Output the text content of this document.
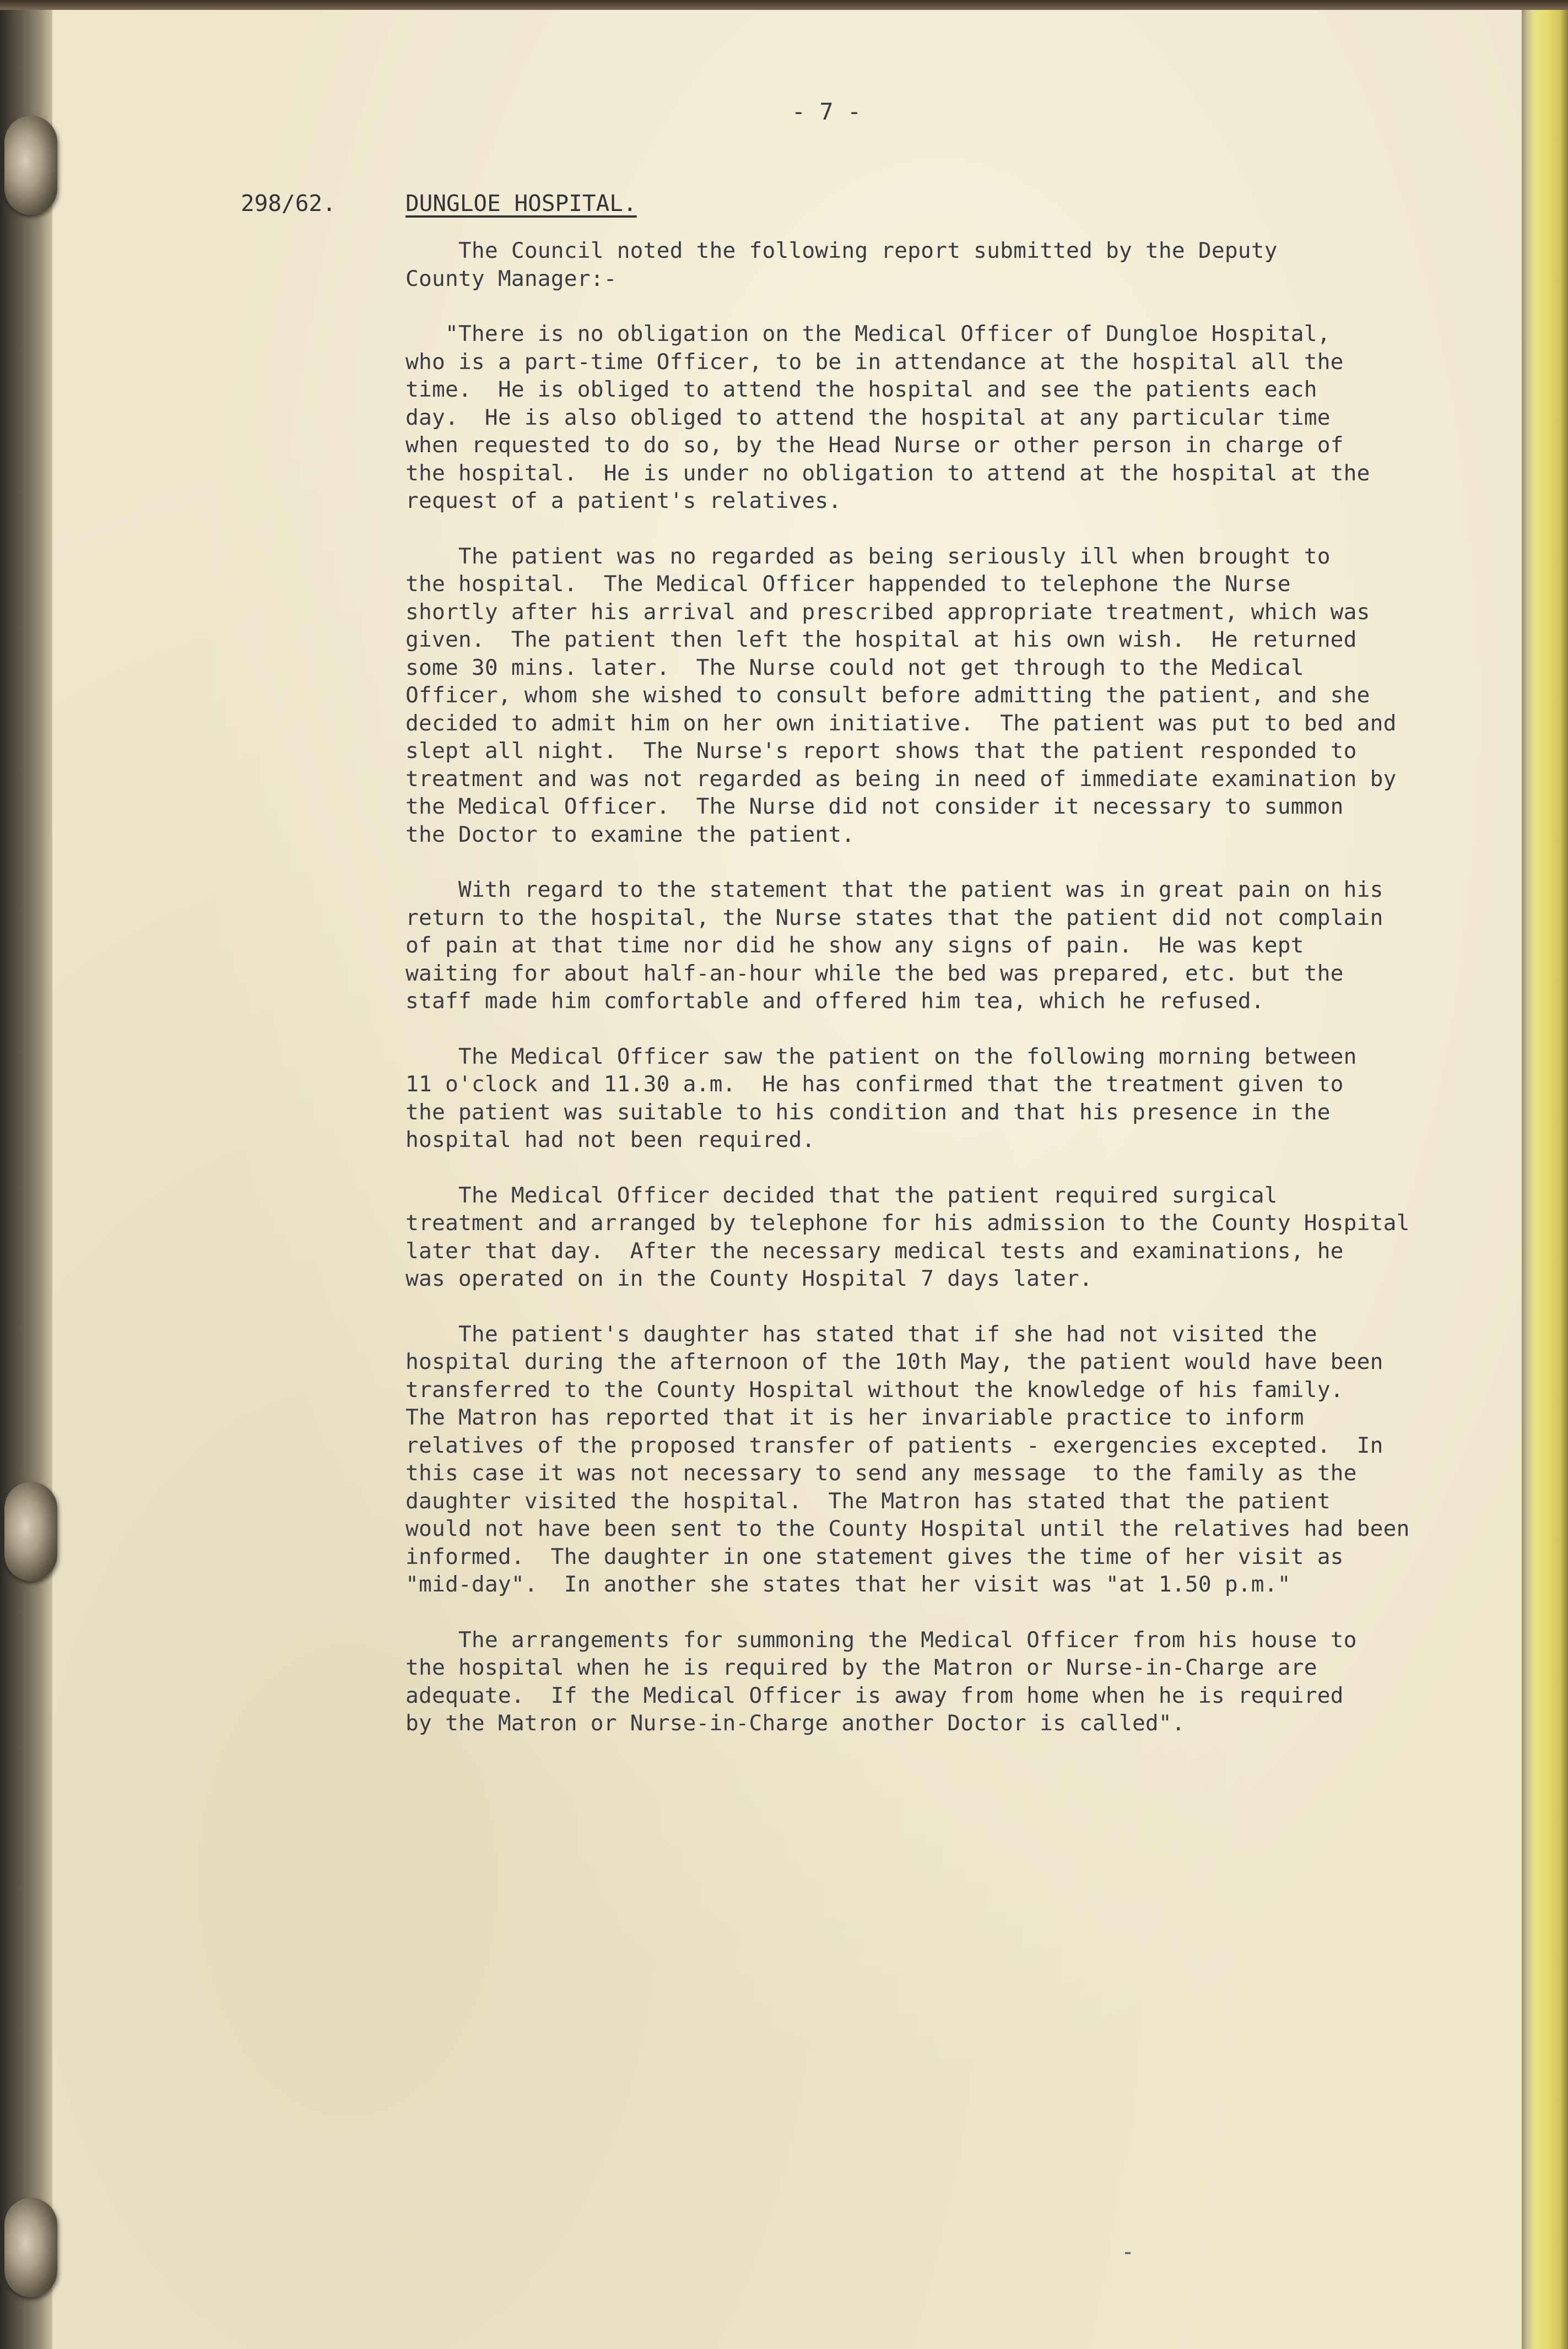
- 7 -
298/62.	DUNGLOE HOSPITAL.
The Council noted the following report submitted by the Deputy
County Manager:-
"There is no obligation on the Medical Officer of Dungloe Hospital,
who is a part-time Officer, to be in attendance at the hospital all the
time.  He is obliged to attend the hospital and see the patients each
day.  He is also obliged to attend the hospital at any particular time
when requested to do so, by the Head Nurse or other person in charge of
the hospital.  He is under no obligation to attend at the hospital at the
request of a patient's relatives.
The patient was no regarded as being seriously ill when brought to
the hospital.  The Medical Officer happended to telephone the Nurse
shortly after his arrival and prescribed appropriate treatment, which was
given.  The patient then left the hospital at his own wish.  He returned
some 30 mins. later.  The Nurse could not get through to the Medical
Officer, whom she wished to consult before admitting the patient, and she
decided to admit him on her own initiative.  The patient was put to bed and
slept all night.  The Nurse's report shows that the patient responded to
treatment and was not regarded as being in need of immediate examination by
the Medical Officer.  The Nurse did not consider it necessary to summon
the Doctor to examine the patient.
With regard to the statement that the patient was in great pain on his
return to the hospital, the Nurse states that the patient did not complain
of pain at that time nor did he show any signs of pain.  He was kept
waiting for about half-an-hour while the bed was prepared, etc. but the
staff made him comfortable and offered him tea, which he refused.
The Medical Officer saw the patient on the following morning between
11 o'clock and 11.30 a.m.  He has confirmed that the treatment given to
the patient was suitable to his condition and that his presence in the
hospital had not been required.
The Medical Officer decided that the patient required surgical
treatment and arranged by telephone for his admission to the County Hospital
later that day.  After the necessary medical tests and examinations, he
was operated on in the County Hospital 7 days later.
The patient's daughter has stated that if she had not visited the
hospital during the afternoon of the 10th May, the patient would have been
transferred to the County Hospital without the knowledge of his family.
The Matron has reported that it is her invariable practice to inform
relatives of the proposed transfer of patients - exergencies excepted.  In
this case it was not necessary to send any message  to the family as the
daughter visited the hospital.  The Matron has stated that the patient
would not have been sent to the County Hospital until the relatives had been
informed.  The daughter in one statement gives the time of her visit as
"mid-day".  In another she states that her visit was "at 1.50 p.m."
The arrangements for summoning the Medical Officer from his house to
the hospital when he is required by the Matron or Nurse-in-Charge are
adequate.  If the Medical Officer is away from home when he is required
by the Matron or Nurse-in-Charge another Doctor is called".
-
